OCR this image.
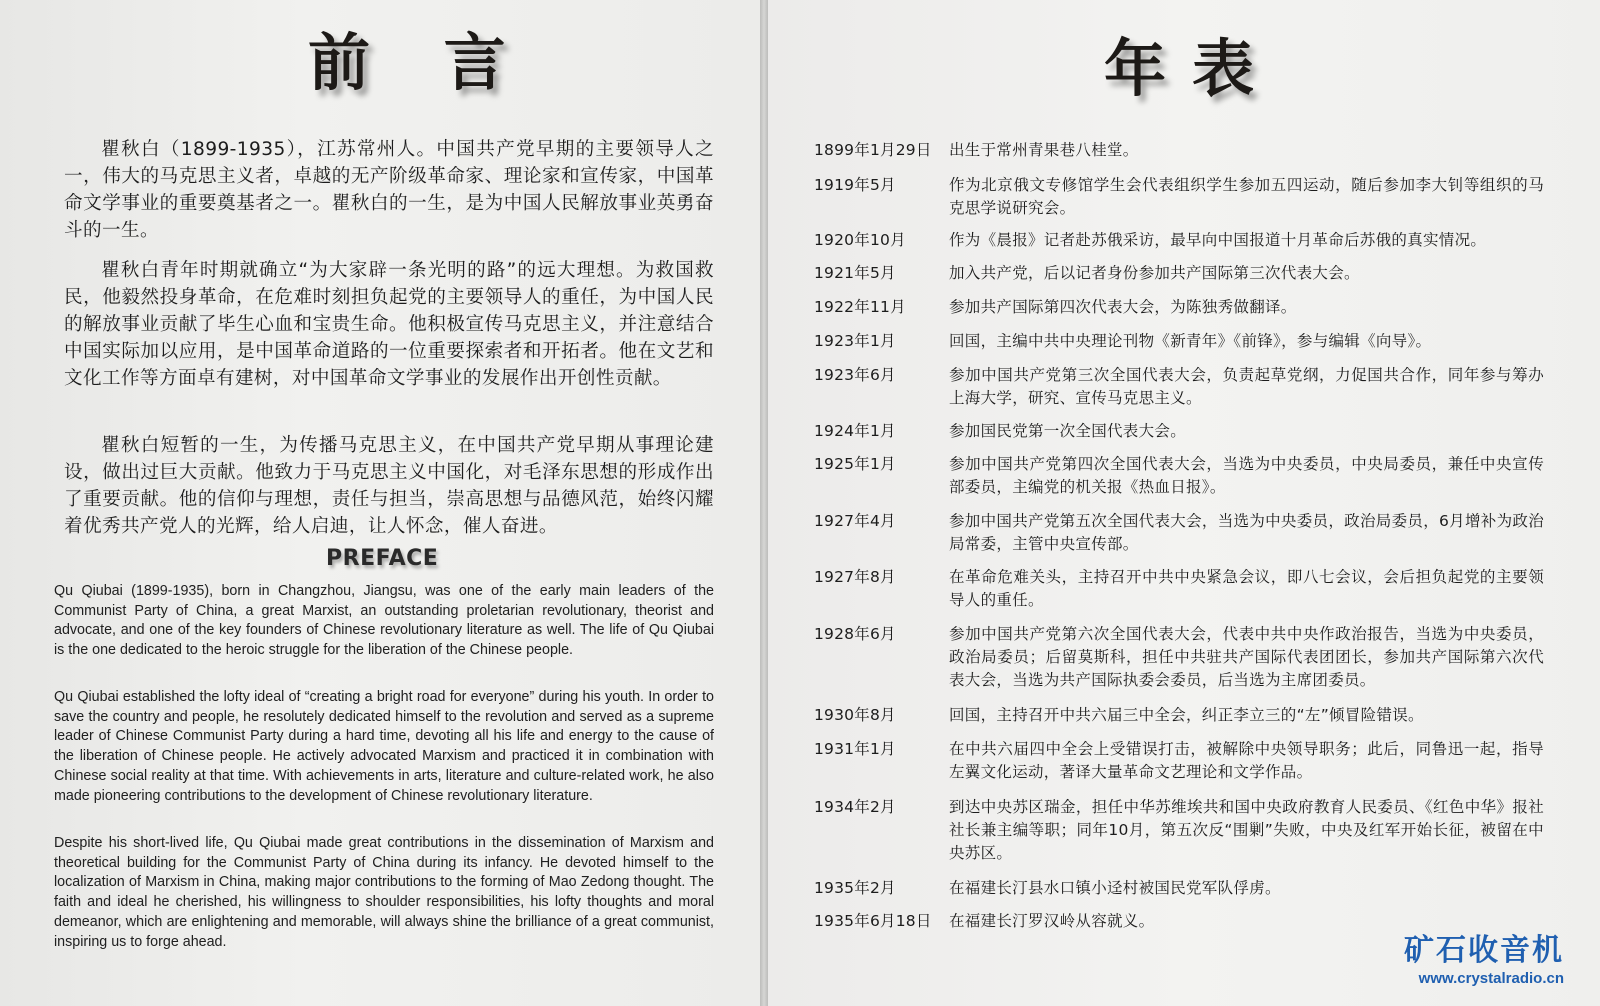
前 言

瞿秋白（1899-1935），江苏常州人。中国共产党早期的主要领导人之一，伟大的马克思主义者，卓越的无产阶级革命家、理论家和宣传家，中国革命文学事业的重要奠基者之一。瞿秋白的一生，是为中国人民解放事业英勇奋斗的一生。

瞿秋白青年时期就确立“为大家辟一条光明的路”的远大理想。为救国救民，他毅然投身革命，在危难时刻担负起党的主要领导人的重任，为中国人民的解放事业贡献了毕生心血和宝贵生命。他积极宣传马克思主义，并注意结合中国实际加以应用，是中国革命道路的一位重要探索者和开拓者。他在文艺和文化工作等方面卓有建树，对中国革命文学事业的发展作出开创性贡献。

瞿秋白短暂的一生，为传播马克思主义，在中国共产党早期从事理论建设，做出过巨大贡献。他致力于马克思主义中国化，对毛泽东思想的形成作出了重要贡献。他的信仰与理想，责任与担当，崇高思想与品德风范，始终闪耀着优秀共产党人的光辉，给人启迪，让人怀念，催人奋进。

PREFACE

Qu Qiubai (1899-1935), born in Changzhou, Jiangsu, was one of the early main leaders of the Communist Party of China, a great Marxist, an outstanding proletarian revolutionary, theorist and advocate, and one of the key founders of Chinese revolutionary literature as well. The life of Qu Qiubai is the one dedicated to the heroic struggle for the liberation of the Chinese people.

Qu Qiubai established the lofty ideal of “creating a bright road for everyone” during his youth. In order to save the country and people, he resolutely dedicated himself to the revolution and served as a supreme leader of Chinese Communist Party during a hard time, devoting all his life and energy to the cause of the liberation of Chinese people. He actively advocated Marxism and practiced it in combination with Chinese social reality at that time. With achievements in arts, literature and culture-related work, he also made pioneering contributions to the development of Chinese revolutionary literature.

Despite his short-lived life, Qu Qiubai made great contributions in the dissemination of Marxism and theoretical building for the Communist Party of China during its infancy. He devoted himself to the localization of Marxism in China, making major contributions to the forming of Mao Zedong thought. The faith and ideal he cherished, his willingness to shoulder responsibilities, his lofty thoughts and moral demeanor, which are enlightening and memorable, will always shine the brilliance of a great communist, inspiring us to forge ahead.

年表
1899年1月29日	出生于常州青果巷八桂堂。
1919年5月	作为北京俄文专修馆学生会代表组织学生参加五四运动，随后参加李大钊等组织的马克思学说研究会。
1920年10月	作为《晨报》记者赴苏俄采访，最早向中国报道十月革命后苏俄的真实情况。
1921年5月	加入共产党，后以记者身份参加共产国际第三次代表大会。
1922年11月	参加共产国际第四次代表大会，为陈独秀做翻译。
1923年1月	回国，主编中共中央理论刊物《新青年》《前锋》，参与编辑《向导》。
1923年6月	参加中国共产党第三次全国代表大会，负责起草党纲，力促国共合作，同年参与筹办上海大学，研究、宣传马克思主义。
1924年1月	参加国民党第一次全国代表大会。
1925年1月	参加中国共产党第四次全国代表大会，当选为中央委员，中央局委员，兼任中央宣传部委员，主编党的机关报《热血日报》。
1927年4月	参加中国共产党第五次全国代表大会，当选为中央委员，政治局委员，6月增补为政治局常委，主管中央宣传部。
1927年8月	在革命危难关头，主持召开中共中央紧急会议，即八七会议，会后担负起党的主要领导人的重任。
1928年6月	参加中国共产党第六次全国代表大会，代表中共中央作政治报告，当选为中央委员，政治局委员；后留莫斯科，担任中共驻共产国际代表团团长，参加共产国际第六次代表大会，当选为共产国际执委会委员，后当选为主席团委员。
1930年8月	回国，主持召开中共六届三中全会，纠正李立三的“左”倾冒险错误。
1931年1月	在中共六届四中全会上受错误打击，被解除中央领导职务；此后，同鲁迅一起，指导左翼文化运动，著译大量革命文艺理论和文学作品。
1934年2月	到达中央苏区瑞金，担任中华苏维埃共和国中央政府教育人民委员、《红色中华》报社社长兼主编等职；同年10月，第五次反“围剿”失败，中央及红军开始长征，被留在中央苏区。
1935年2月	在福建长汀县水口镇小迳村被国民党军队俘虏。
1935年6月18日	在福建长汀罗汉岭从容就义。
矿石收音机
www.crystalradio.cn
